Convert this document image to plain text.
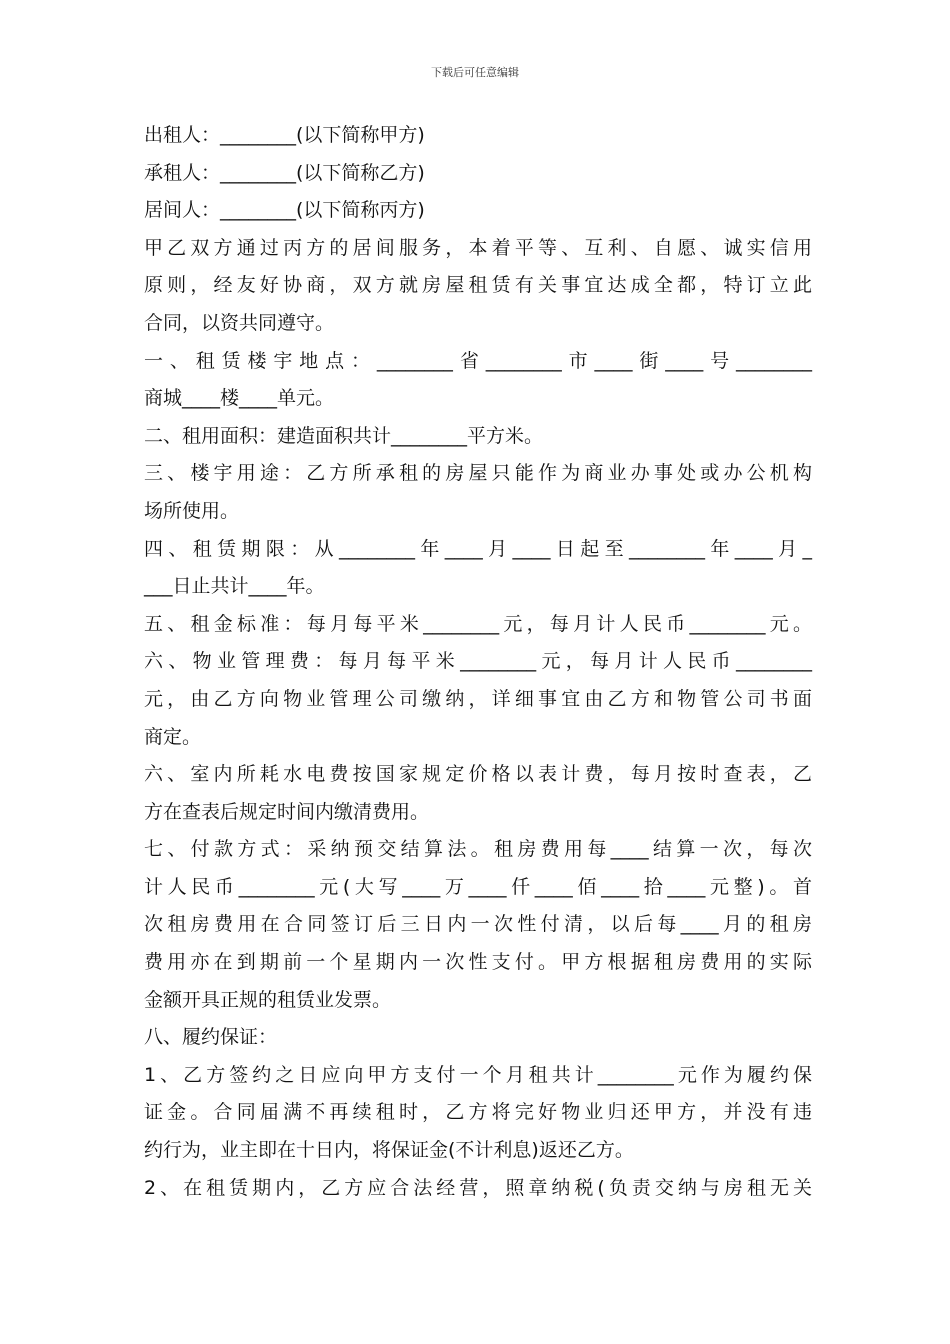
下载后可任意编辑
出租人：________(以下简称甲方)
承租人：________(以下简称乙方)
居间人：________(以下简称丙方)
甲乙双方通过丙方的居间服务，本着平等、互利、自愿、诚实信用
原则，经友好协商，双方就房屋租赁有关事宜达成全都，特订立此
合同，以资共同遵守。
一、租赁楼宇地点：________省________市____街____号________
商城____楼____单元。
二、租用面积：建造面积共计________平方米。
三、楼宇用途：乙方所承租的房屋只能作为商业办事处或办公机构
场所使用。
四、租赁期限：从________年____月____日起至________年____月_
___日止共计____年。
五、租金标准：每月每平米________元，每月计人民币________元。
六、物业管理费：每月每平米________元，每月计人民币________
元，由乙方向物业管理公司缴纳，详细事宜由乙方和物管公司书面
商定。
六、室内所耗水电费按国家规定价格以表计费，每月按时查表，乙
方在查表后规定时间内缴清费用。
七、付款方式：采纳预交结算法。租房费用每____结算一次，每次
计人民币________元(大写____万____仟____佰____拾____元整)。首
次租房费用在合同签订后三日内一次性付清，以后每____月的租房
费用亦在到期前一个星期内一次性支付。甲方根据租房费用的实际
金额开具正规的租赁业发票。
八、履约保证：
1、乙方签约之日应向甲方支付一个月租共计________元作为履约保
证金。合同届满不再续租时，乙方将完好物业归还甲方，并没有违
约行为，业主即在十日内，将保证金(不计利息)返还乙方。
2、在租赁期内，乙方应合法经营，照章纳税(负责交纳与房租无关
